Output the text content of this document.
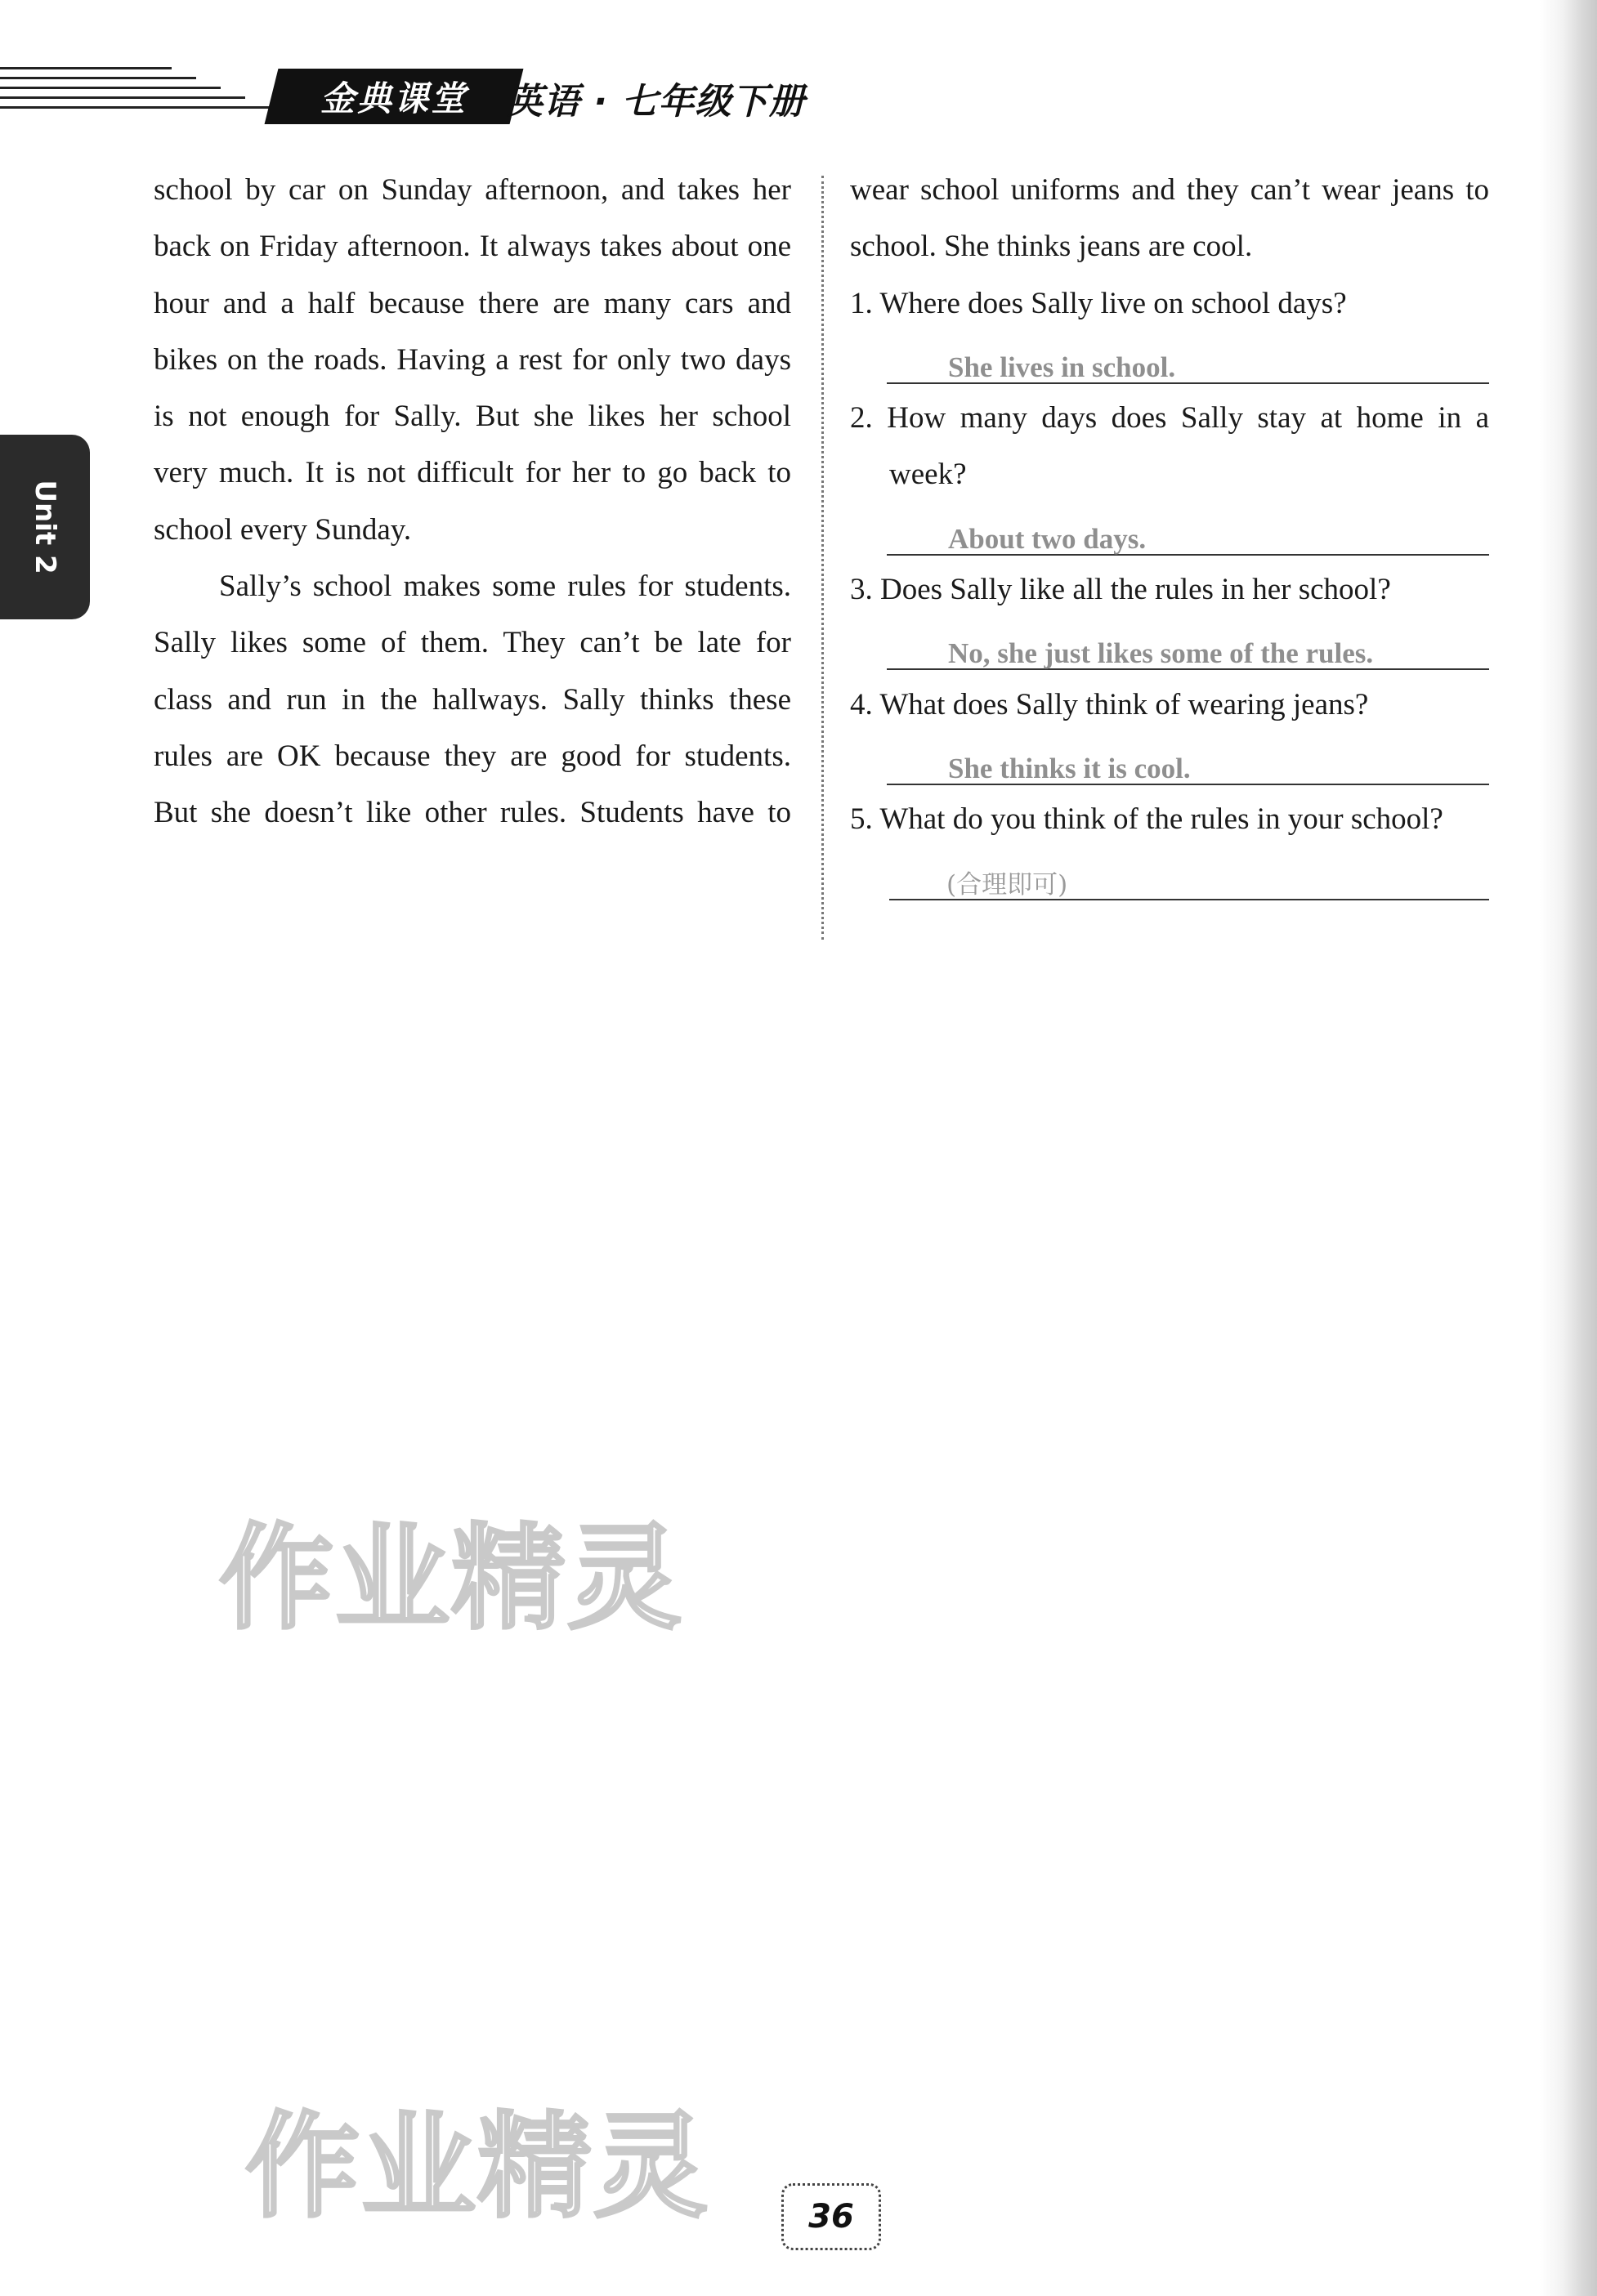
金典课堂 英语 · 七年级下册
Unit 2

school by car on Sunday afternoon, and takes her back on Friday afternoon. It always takes about one hour and a half because there are many cars and bikes on the roads. Having a rest for only two days is not enough for Sally. But she likes her school very much. It is not difficult for her to go back to school every Sunday.

Sally’s school makes some rules for students. Sally likes some of them. They can’t be late for class and run in the hallways. Sally thinks these rules are OK because they are good for students. But she doesn’t like other rules. Students have to

wear school uniforms and they can’t wear jeans to school. She thinks jeans are cool.

1. Where does Sally live on school days?

She lives in school.

2. How many days does Sally stay at home in a week?

About two days.

3. Does Sally like all the rules in her school?

No, she just likes some of the rules.

4. What does Sally think of wearing jeans?

She thinks it is cool.

5. What do you think of the rules in your school?

(合理即可)
作业精灵
作业精灵	36
